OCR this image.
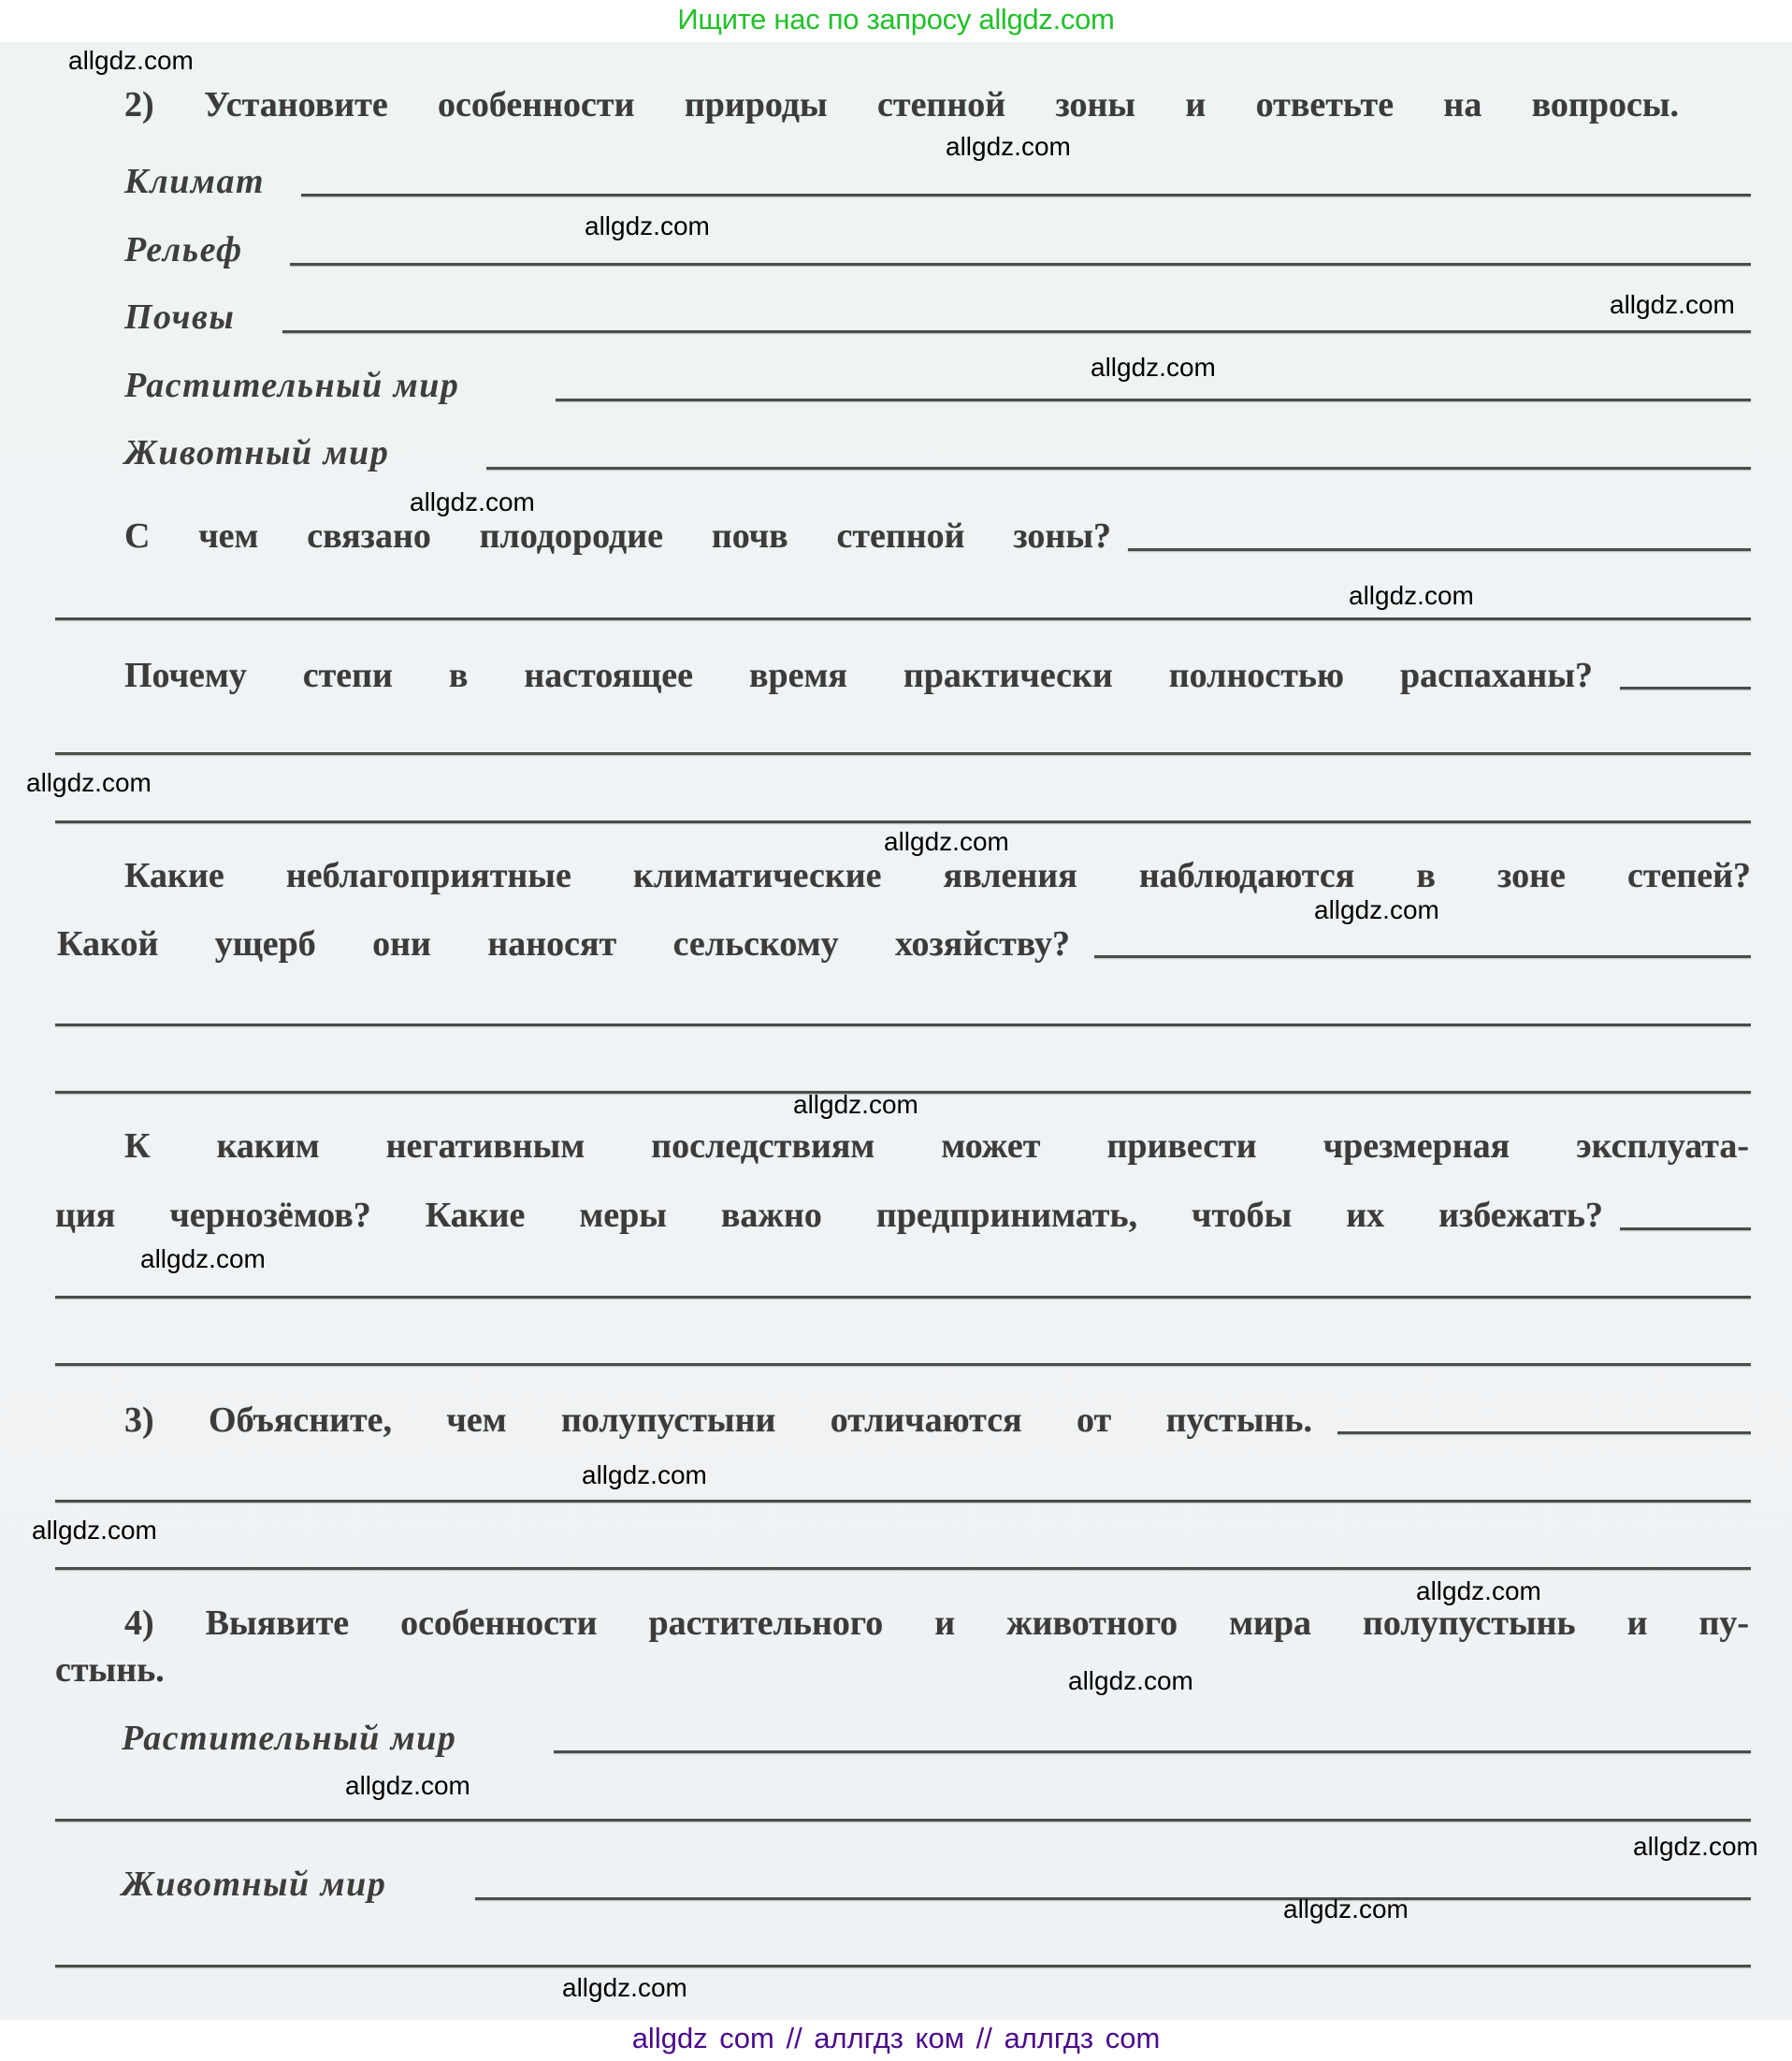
Ищите нас по запросу allgdz.com
2) Установите особенности природы степной зоны и ответьте на вопросы.
Климат
Рельеф
Почвы
Растительный мир
Животный мир
С чем связано плодородие почв степной зоны?
Почему степи в настоящее время практически полностью распаханы?
Какие неблагоприятные климатические явления наблюдаются в зоне степей?
Какой ущерб они наносят сельскому хозяйству?
К каким негативным последствиям может привести чрезмерная эксплуата-
ция чернозёмов? Какие меры важно предпринимать, чтобы их избежать?
3) Объясните, чем полупустыни отличаются от пустынь.
4) Выявите особенности растительного и животного мира полупустынь и пу-
стынь.
Растительный мир
Животный мир
allgdz.com
allgdz.com
allgdz.com
allgdz.com
allgdz.com
allgdz.com
allgdz.com
allgdz.com
allgdz.com
allgdz.com
allgdz.com
allgdz.com
allgdz.com
allgdz.com
allgdz.com
allgdz.com
allgdz.com
allgdz.com
allgdz.com
allgdz.com
allgdz com // аллгдз ком // аллгдз com
